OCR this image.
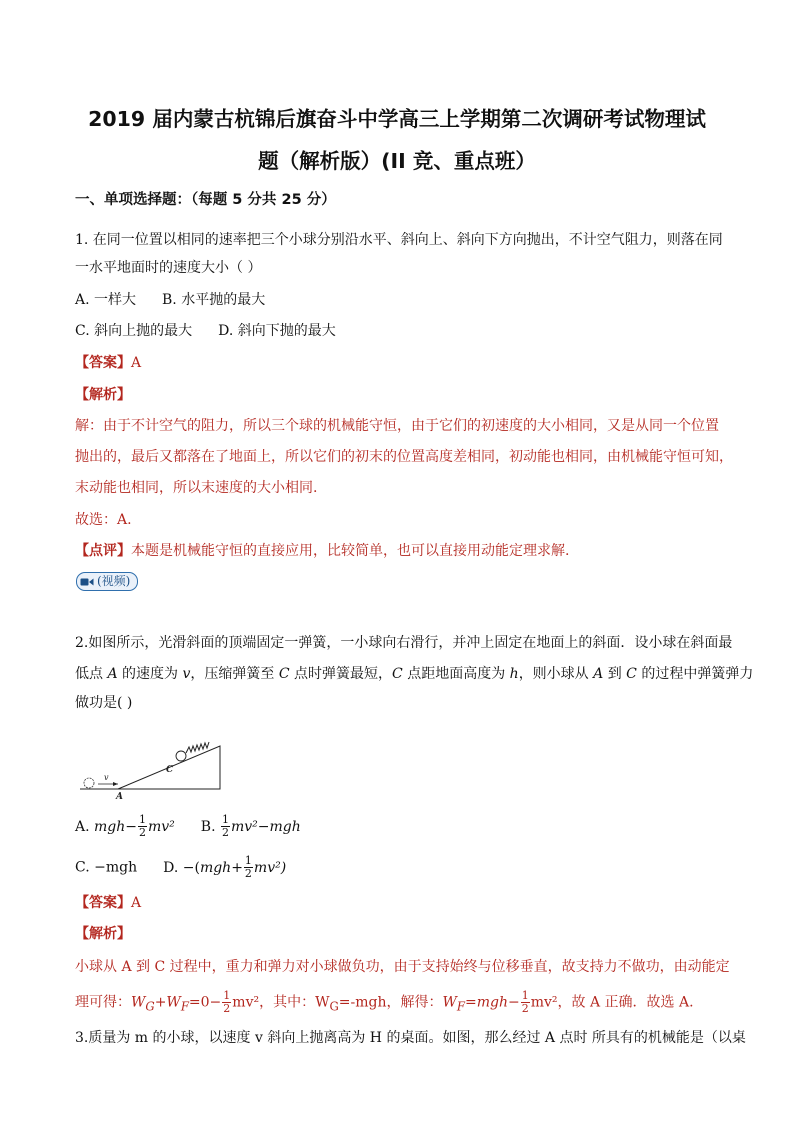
2019 届内蒙古杭锦后旗奋斗中学高三上学期第二次调研考试物理试
题（解析版）(II 竞、重点班）
一、单项选择题：（每题 5 分共 25 分）
1. 在同一位置以相同的速率把三个小球分别沿水平、斜向上、斜向下方向抛出，不计空气阻力，则落在同
一水平地面时的速度大小（ ）
A. 一样大 B. 水平抛的最大
C. 斜向上抛的最大 D. 斜向下抛的最大
【答案】A
【解析】
解：由于不计空气的阻力，所以三个球的机械能守恒，由于它们的初速度的大小相同，又是从同一个位置
抛出的，最后又都落在了地面上，所以它们的初末的位置高度差相同，初动能也相同，由机械能守恒可知，
末动能也相同，所以末速度的大小相同.
故选：A.
【点评】本题是机械能守恒的直接应用，比较简单，也可以直接用动能定理求解.
(视频)
2.如图所示，光滑斜面的顶端固定一弹簧，一小球向右滑行，并冲上固定在地面上的斜面．设小球在斜面最
低点 A 的速度为 v，压缩弹簧至 C 点时弹簧最短，C 点距地面高度为 h，则小球从 A 到 C 的过程中弹簧弹力
做功是( )
v
C
A
A. $mgh- \frac{1}{2} mv^2$ B. $\frac{1}{2} mv^2-mgh$
C. −mgh D. $-(mgh+ \frac{1}{2} mv^2)$
【答案】A
【解析】
小球从 A 到 C 过程中，重力和弹力对小球做负功，由于支持始终与位移垂直，故支持力不做功，由动能定
理可得：$W_G+W_F=0- \frac{1}{2} mv^2$，其中：$W_G=$-mgh，解得：$W_F=mgh- \frac{1}{2} mv^2$，故 A 正确．故选 A.
3.质量为 m 的小球，以速度 v 斜向上抛离高为 H 的桌面。如图，那么经过 A 点时 所具有的机械能是（以桌
